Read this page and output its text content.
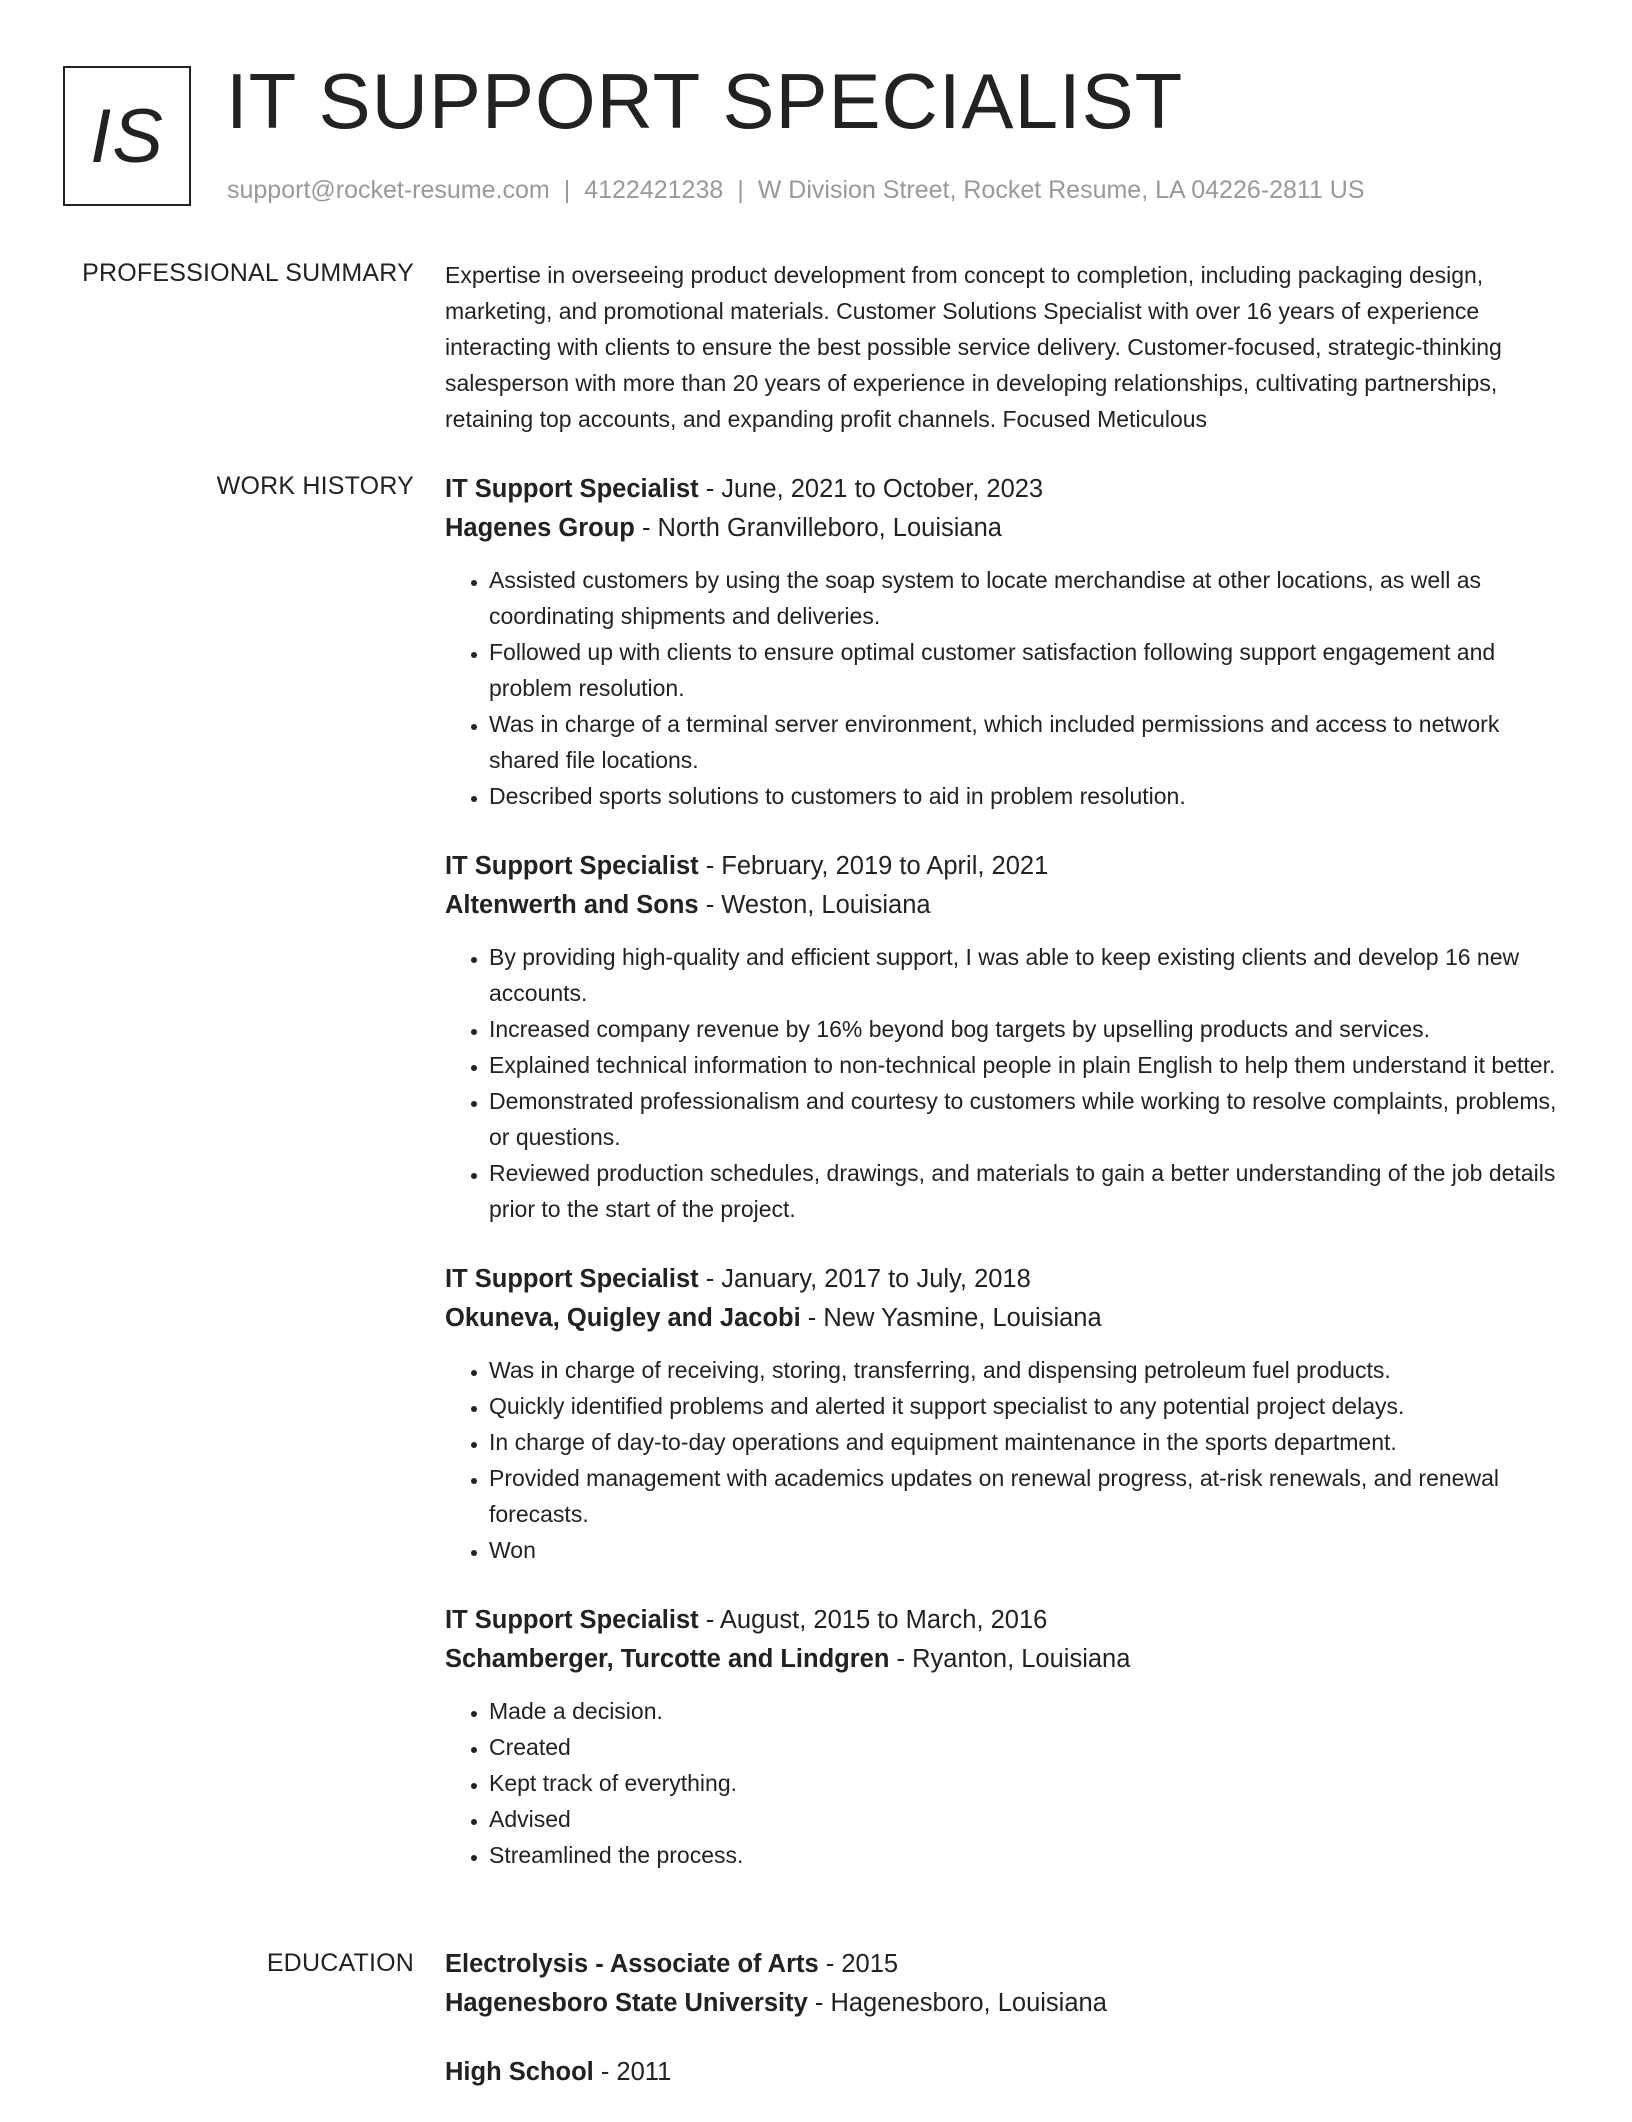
IS IT SUPPORT SPECIALIST
support@rocket-resume.com | 4122421238 | W Division Street, Rocket Resume, LA 04226-2811 US
PROFESSIONAL SUMMARY Expertise in overseeing product development from concept to completion, including packaging design, marketing, and promotional materials. Customer Solutions Specialist with over 16 years of experience interacting with clients to ensure the best possible service delivery. Customer-focused, strategic-thinking salesperson with more than 20 years of experience in developing relationships, cultivating partnerships, retaining top accounts, and expanding profit channels. Focused Meticulous

WORK HISTORY IT Support Specialist - June, 2021 to October, 2023
Hagenes Group - North Granvilleboro, Louisiana
• Assisted customers by using the soap system to locate merchandise at other locations, as well as coordinating shipments and deliveries.
• Followed up with clients to ensure optimal customer satisfaction following support engagement and problem resolution.
• Was in charge of a terminal server environment, which included permissions and access to network shared file locations.
• Described sports solutions to customers to aid in problem resolution.
IT Support Specialist - February, 2019 to April, 2021
Altenwerth and Sons - Weston, Louisiana
• By providing high-quality and efficient support, I was able to keep existing clients and develop 16 new accounts.
• Increased company revenue by 16% beyond bog targets by upselling products and services.
• Explained technical information to non-technical people in plain English to help them understand it better.
• Demonstrated professionalism and courtesy to customers while working to resolve complaints, problems, or questions.
• Reviewed production schedules, drawings, and materials to gain a better understanding of the job details prior to the start of the project.
IT Support Specialist - January, 2017 to July, 2018
Okuneva, Quigley and Jacobi - New Yasmine, Louisiana
• Was in charge of receiving, storing, transferring, and dispensing petroleum fuel products.
• Quickly identified problems and alerted it support specialist to any potential project delays.
• In charge of day-to-day operations and equipment maintenance in the sports department.
• Provided management with academics updates on renewal progress, at-risk renewals, and renewal forecasts.
• Won
IT Support Specialist - August, 2015 to March, 2016
Schamberger, Turcotte and Lindgren - Ryanton, Louisiana
• Made a decision.
• Created
• Kept track of everything.
• Advised
• Streamlined the process.
EDUCATION Electrolysis - Associate of Arts - 2015
Hagenesboro State University - Hagenesboro, Louisiana
High School - 2011
